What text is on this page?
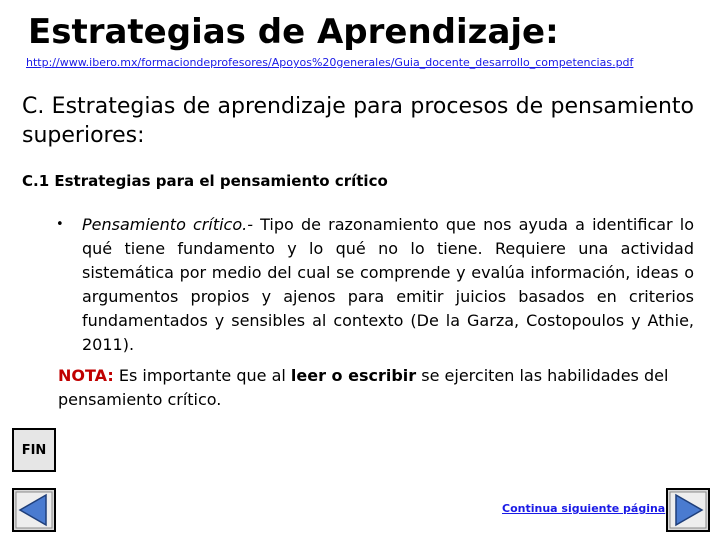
Estrategias de Aprendizaje:
http://www.ibero.mx/formaciondeprofesores/Apoyos%20generales/Guia_docente_desarrollo_competencias.pdf
C. Estrategias de aprendizaje para procesos de pensamiento superiores:
C.1 Estrategias para el pensamiento crítico
• Pensamiento crítico.- Tipo de razonamiento que nos ayuda a identificar lo qué tiene fundamento y lo qué no lo tiene. Requiere una actividad sistemática por medio del cual se comprende y evalúa información, ideas o argumentos propios y ajenos para emitir juicios basados en criterios fundamentados y sensibles al contexto (De la Garza, Costopoulos y Athie, 2011).

NOTA: Es importante que al leer o escribir se ejerciten las habilidades del pensamiento crítico.

FIN
Continua siguiente página
